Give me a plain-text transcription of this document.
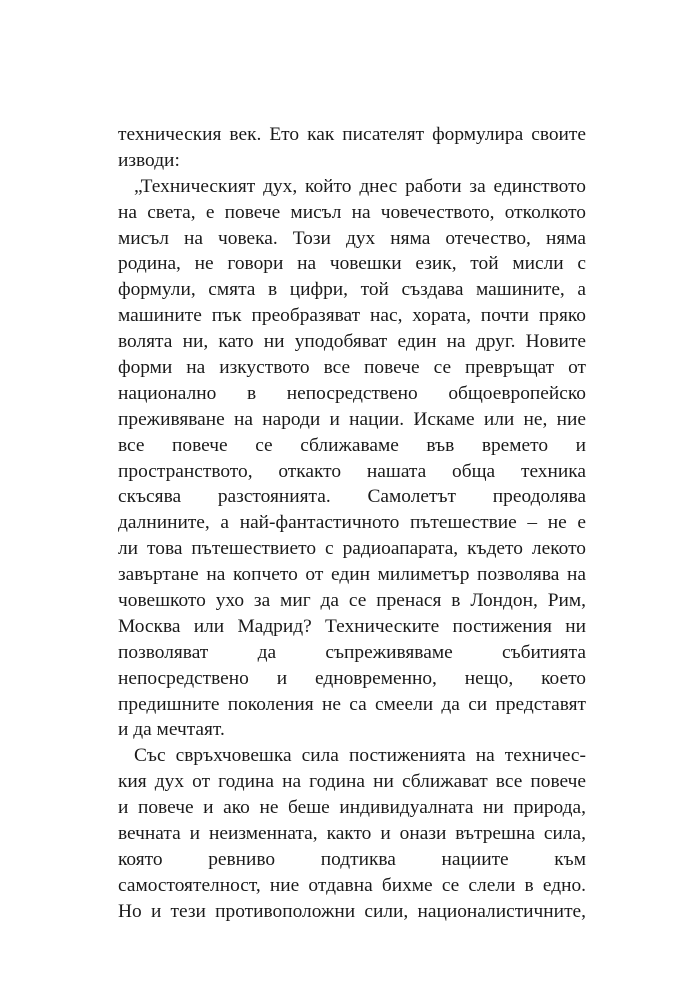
техническия век. Ето как писателят формулира своите
изводи:
„Техническият дух, който днес работи за единството
на света, е повече мисъл на човечеството, отколкото
мисъл на човека. Този дух няма отечество, няма
родина, не говори на човешки език, той мисли с
формули, смята в цифри, той създава машините, а
машините пък преобразяват нас, хората, почти пряко
волята ни, като ни уподобяват един на друг. Новите
форми на изкуството все повече се превръщат от
национално в непосредствено общоевропейско
преживяване на народи и нации. Искаме или не, ние
все повече се сближаваме във времето и
пространството, откакто нашата обща техника
скъсява разстоянията. Самолетът преодолява
далнините, а най-фантастичното пътешествие – не е
ли това пътешествието с радиоапарата, където лекото
завъртане на копчето от един милиметър позволява на
човешкото ухо за миг да се пренася в Лондон, Рим,
Москва или Мадрид? Техническите постижения ни
позволяват да съпреживяваме събитията
непосредствено и едновременно, нещо, което
предишните поколения не са смеели да си представят
и да мечтаят.
Със свръхчовешка сила постиженията на техничес-
кия дух от година на година ни сближават все повече
и повече и ако не беше индивидуалната ни природа,
вечната и неизменната, както и онази вътрешна сила,
която ревниво подтиква нациите към
самостоятелност, ние отдавна бихме се слели в едно.
Но и тези противоположни сили, националистичните,
